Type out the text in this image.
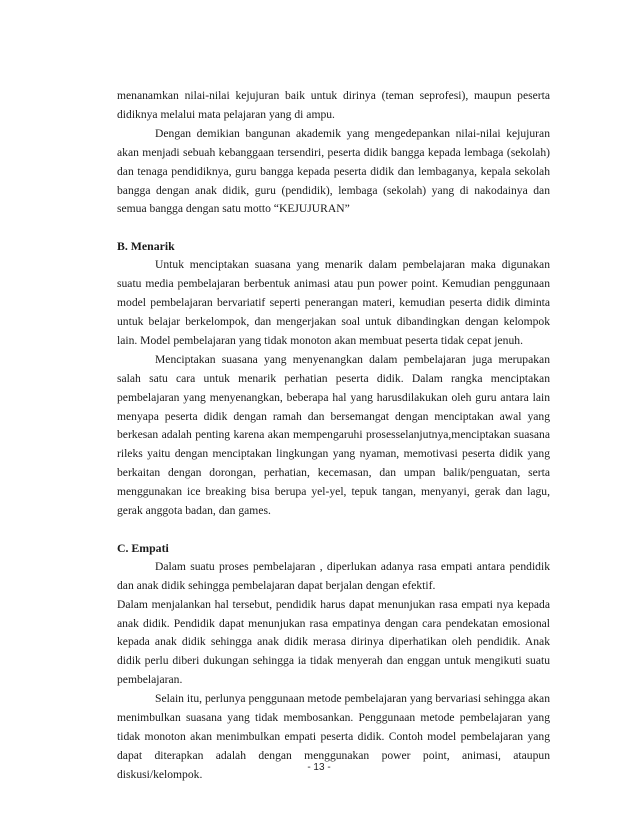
menanamkan nilai-nilai kejujuran baik untuk dirinya (teman seprofesi), maupun peserta didiknya melalui mata pelajaran yang di ampu.

Dengan demikian bangunan akademik yang mengedepankan nilai-nilai kejujuran akan menjadi sebuah kebanggaan tersendiri, peserta didik bangga kepada lembaga (sekolah) dan tenaga pendidiknya, guru bangga kepada peserta didik dan lembaganya, kepala sekolah bangga dengan anak didik, guru (pendidik), lembaga (sekolah) yang di nakodainya dan semua bangga dengan satu motto “KEJUJURAN”

B. Menarik

Untuk menciptakan suasana yang menarik dalam pembelajaran maka digunakan suatu media pembelajaran berbentuk animasi atau pun power point. Kemudian penggunaan model pembelajaran bervariatif seperti penerangan materi, kemudian peserta didik diminta untuk belajar berkelompok, dan mengerjakan soal untuk dibandingkan dengan kelompok lain. Model pembelajaran yang tidak monoton akan membuat peserta tidak cepat jenuh.

Menciptakan suasana yang menyenangkan dalam pembelajaran juga merupakan salah satu cara untuk menarik perhatian peserta didik. Dalam rangka menciptakan pembelajaran yang menyenangkan, beberapa hal yang harusdilakukan oleh guru antara lain menyapa peserta didik dengan ramah dan bersemangat dengan menciptakan awal yang berkesan adalah penting karena akan mempengaruhi prosesselanjutnya,menciptakan suasana rileks yaitu dengan menciptakan lingkungan yang nyaman, memotivasi peserta didik yang berkaitan dengan dorongan, perhatian, kecemasan, dan umpan balik/penguatan, serta menggunakan ice breaking bisa berupa yel-yel, tepuk tangan, menyanyi, gerak dan lagu, gerak anggota badan, dan games.

C. Empati

Dalam suatu proses pembelajaran , diperlukan adanya rasa empati antara pendidik dan anak didik sehingga pembelajaran dapat berjalan dengan efektif.

Dalam menjalankan hal tersebut, pendidik harus dapat menunjukan rasa empati nya kepada anak didik. Pendidik dapat menunjukan rasa empatinya dengan cara pendekatan emosional kepada anak didik sehingga anak didik merasa dirinya diperhatikan oleh pendidik. Anak didik perlu diberi dukungan sehingga ia tidak menyerah dan enggan untuk mengikuti suatu pembelajaran.

Selain itu, perlunya penggunaan metode pembelajaran yang bervariasi sehingga akan menimbulkan suasana yang tidak membosankan. Penggunaan metode pembelajaran yang tidak monoton akan menimbulkan empati peserta didik. Contoh model pembelajaran yang dapat diterapkan adalah dengan menggunakan power point, animasi, ataupun diskusi/kelompok.

- 13 -
